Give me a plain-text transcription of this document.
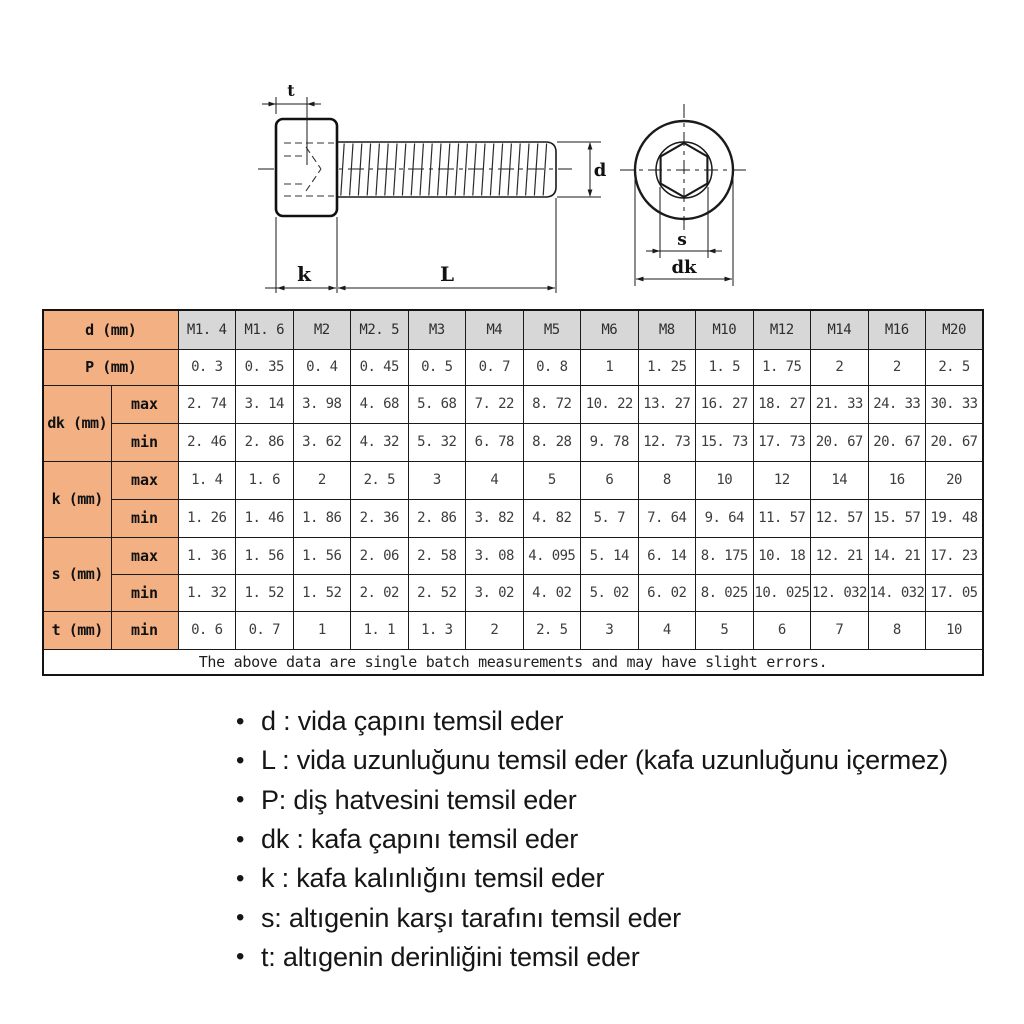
t
d
k	L
s
dk
d (mm)		M1. 4	M1. 6	M2	M2. 5	M3	M4	M5	M6	M8	M10	M12	M14	M16	M20
P (mm)		0. 3	0. 35	0. 4	0. 45	0. 5	0. 7	0. 8	1	1. 25	1. 5	1. 75	2	2	2. 5
dk (mm)	max	2. 74	3. 14	3. 98	4. 68	5. 68	7. 22	8. 72	10. 22	13. 27	16. 27	18. 27	21. 33	24. 33	30. 33
	min	2. 46	2. 86	3. 62	4. 32	5. 32	6. 78	8. 28	9. 78	12. 73	15. 73	17. 73	20. 67	20. 67	20. 67
k (mm)	max	1. 4	1. 6	2	2. 5	3	4	5	6	8	10	12	14	16	20
	min	1. 26	1. 46	1. 86	2. 36	2. 86	3. 82	4. 82	5. 7	7. 64	9. 64	11. 57	12. 57	15. 57	19. 48
s (mm)	max	1. 36	1. 56	1. 56	2. 06	2. 58	3. 08	4. 095	5. 14	6. 14	8. 175	10. 18	12. 21	14. 21	17. 23
	min	1. 32	1. 52	1. 52	2. 02	2. 52	3. 02	4. 02	5. 02	6. 02	8. 025	10. 025	12. 032	14. 032	17. 05
t (mm)	min	0. 6	0. 7	1	1. 1	1. 3	2	2. 5	3	4	5	6	7	8	10
The above data are single batch measurements and may have slight errors.															
• d : vida çapını temsil eder
• L : vida uzunluğunu temsil eder (kafa uzunluğunu içermez)
• P: diş hatvesini temsil eder
• dk : kafa çapını temsil eder
• k : kafa kalınlığını temsil eder
• s: altıgenin karşı tarafını temsil eder
• t: altıgenin derinliğini temsil eder
